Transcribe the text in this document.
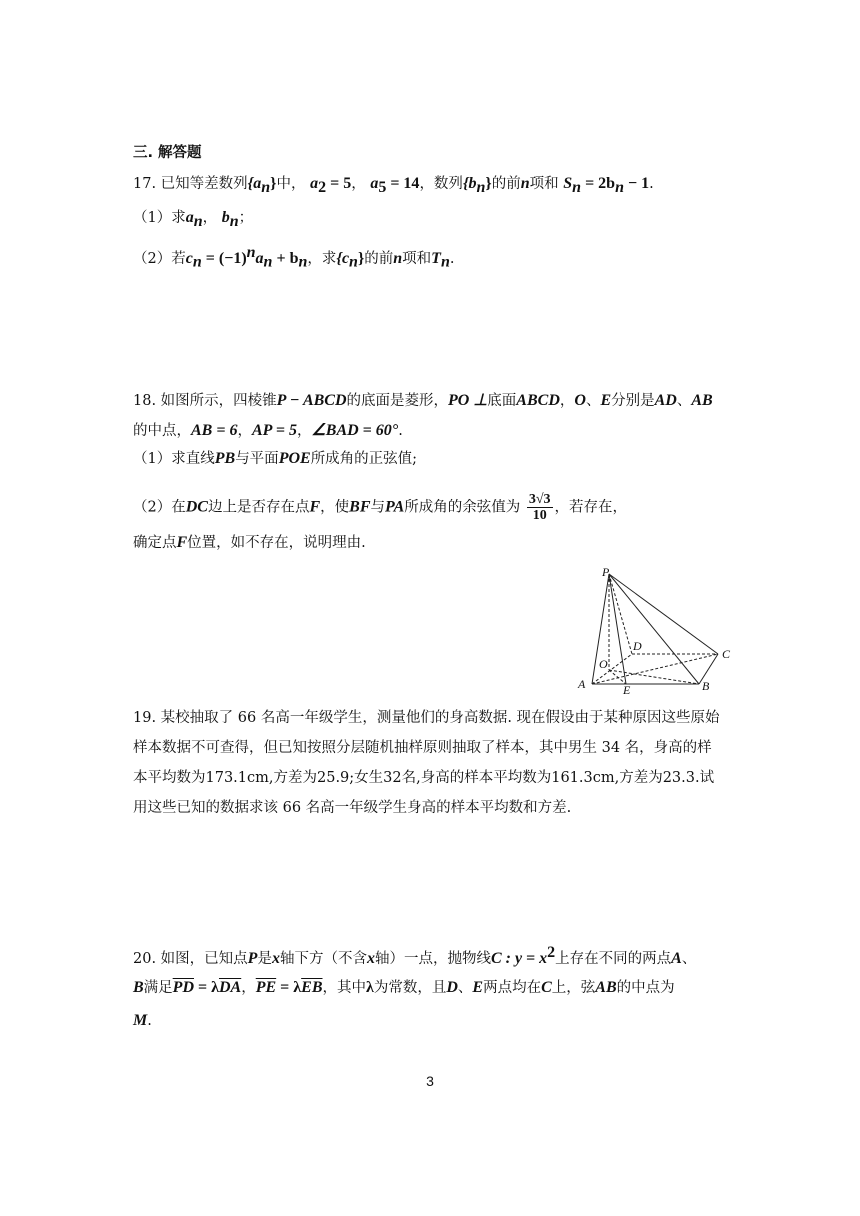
三. 解答题
17. 已知等差数列$\{a_n\}$中， $a_2 = 5$， $a_5 = 14$，数列$\{b_n\}$的前n项和 $S_n = 2b_n - 1$.
（1）求$a_n$， $b_n$；
（2）若$c_n = (-1)^na_n + b_n$，求$\{c_n\}$的前n项和$T_n$.
18. 如图所示，四棱锥P − ABCD的底面是菱形，PO ⊥底面ABCD，O、E分别是AD、AB
的中点，AB = 6，AP = 5，∠BAD = 60°.
（1）求直线PB与平面POE所成角的正弦值;
（2）在DC边上是否存在点F，使BF与PA所成角的余弦值为 $\frac{3√3}{10}$ ，若存在，
确定点F位置，如不存在，说明理由.
P
D
C
O
A	E	B
19. 某校抽取了 66 名高一年级学生，测量他们的身高数据. 现在假设由于某种原因这些原始
样本数据不可查得，但已知按照分层随机抽样原则抽取了样本，其中男生 34 名，身高的样
本平均数为173.1cm,方差为25.9;女生32名,身高的样本平均数为161.3cm,方差为23.3.试
用这些已知的数据求该 66 名高一年级学生身高的样本平均数和方差.
20. 如图，已知点P是x轴下方（不含x轴）一点，抛物线C : $y = x^2$上存在不同的两点A、
B满足$\overline{PD} = \lambda\overline{DA}$，$\overline{PE} = \lambda\overline{EB}$，其中λ为常数，且D、E两点均在C上，弦AB的中点为
M.
3
